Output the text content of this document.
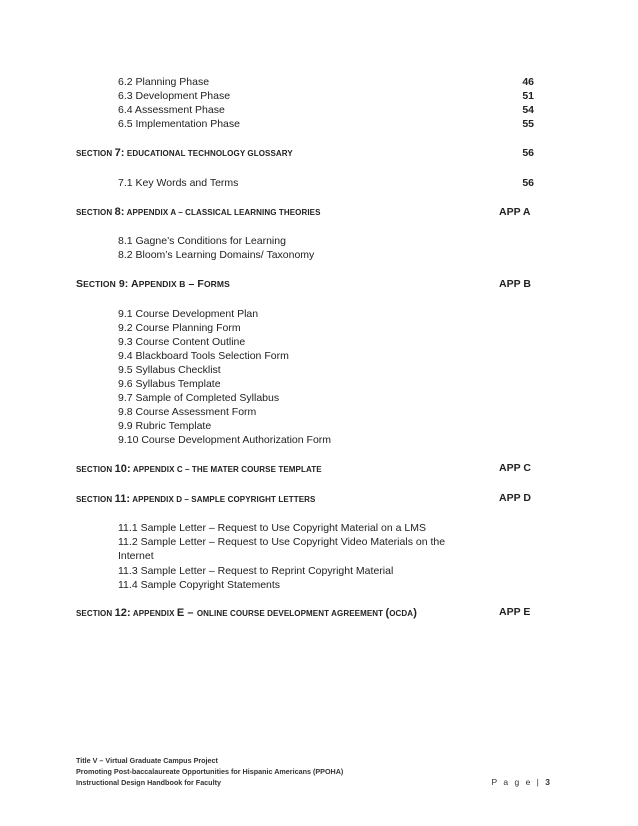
6.2 Planning Phase	46
6.3 Development Phase	51
6.4 Assessment Phase	54
6.5 Implementation Phase	55
SECTION 7: EDUCATIONAL TECHNOLOGY GLOSSARY	56
7.1 Key Words and Terms	56
SECTION 8: APPENDIX A – CLASSICAL LEARNING THEORIES	APP A
8.1 Gagne’s Conditions for Learning
8.2 Bloom’s Learning Domains/ Taxonomy
SECTION 9: APPENDIX B – FORMS	APP B
9.1 Course Development Plan
9.2 Course Planning Form
9.3 Course Content Outline
9.4 Blackboard Tools Selection Form
9.5 Syllabus Checklist
9.6 Syllabus Template
9.7 Sample of Completed Syllabus
9.8 Course Assessment Form
9.9 Rubric Template
9.10 Course Development Authorization Form
SECTION 10: APPENDIX C – THE MATER COURSE TEMPLATE	APP C
SECTION 11: APPENDIX D – SAMPLE COPYRIGHT LETTERS	APP D
11.1 Sample Letter – Request to Use Copyright Material on a LMS
11.2 Sample Letter – Request to Use Copyright Video Materials on the Internet
11.3 Sample Letter – Request to Reprint Copyright Material
11.4 Sample Copyright Statements
SECTION 12: APPENDIX E – ONLINE COURSE DEVELOPMENT AGREEMENT (OCDA)	APP E
Title V – Virtual Graduate Campus Project
Promoting Post-baccalaureate Opportunities for Hispanic Americans (PPOHA)
Instructional Design Handbook for Faculty	P a g e | 3
